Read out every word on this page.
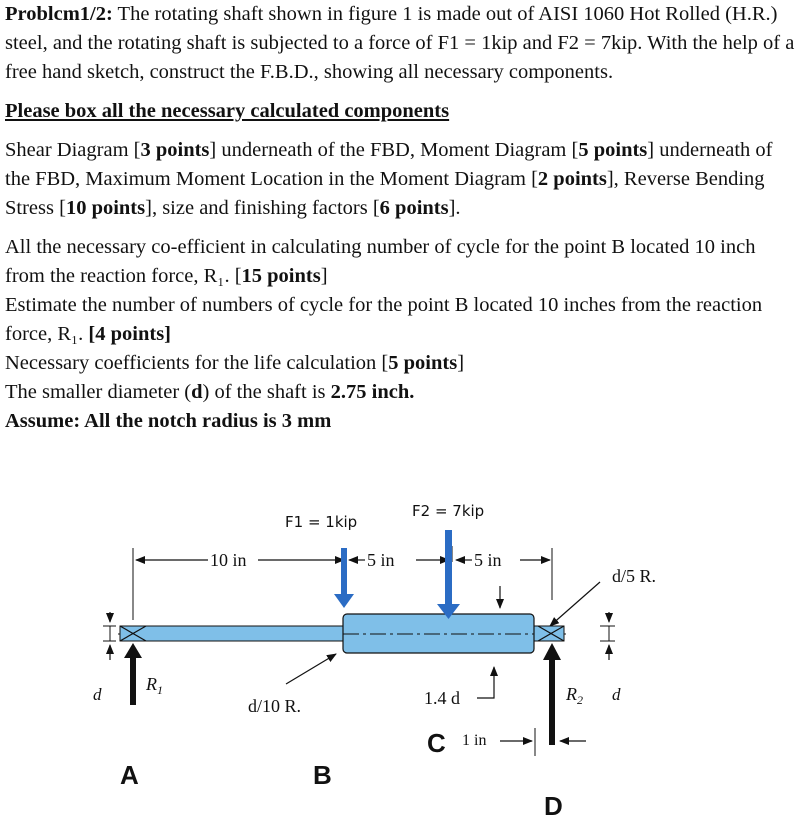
Problcm1/2: The rotating shaft shown in figure 1 is made out of AISI 1060 Hot Rolled (H.R.) steel, and the rotating shaft is subjected to a force of F1 = 1kip and F2 = 7kip. With the help of a free hand sketch, construct the F.B.D., showing all necessary components.

Please box all the necessary calculated components

Shear Diagram [3 points] underneath of the FBD, Moment Diagram [5 points] underneath of the FBD, Maximum Moment Location in the Moment Diagram [2 points], Reverse Bending Stress [10 points], size and finishing factors [6 points].

All the necessary co-efficient in calculating number of cycle for the point B located 10 inch from the reaction force, R₁. [15 points]

Estimate the number of numbers of cycle for the point B located 10 inches from the reaction force, R₁. [4 points]

Necessary coefficients for the life calculation [5 points]

The smaller diameter (d) of the shaft is 2.75 inch.

Assume: All the notch radius is 3 mm

F1 = 1kip
F2 = 7kip
10 in	5 in	5 in
d
$R_1$	d
$R_2$
d/5 R.
d/10 R.	1.4 d
1 in
A	B
C
D
